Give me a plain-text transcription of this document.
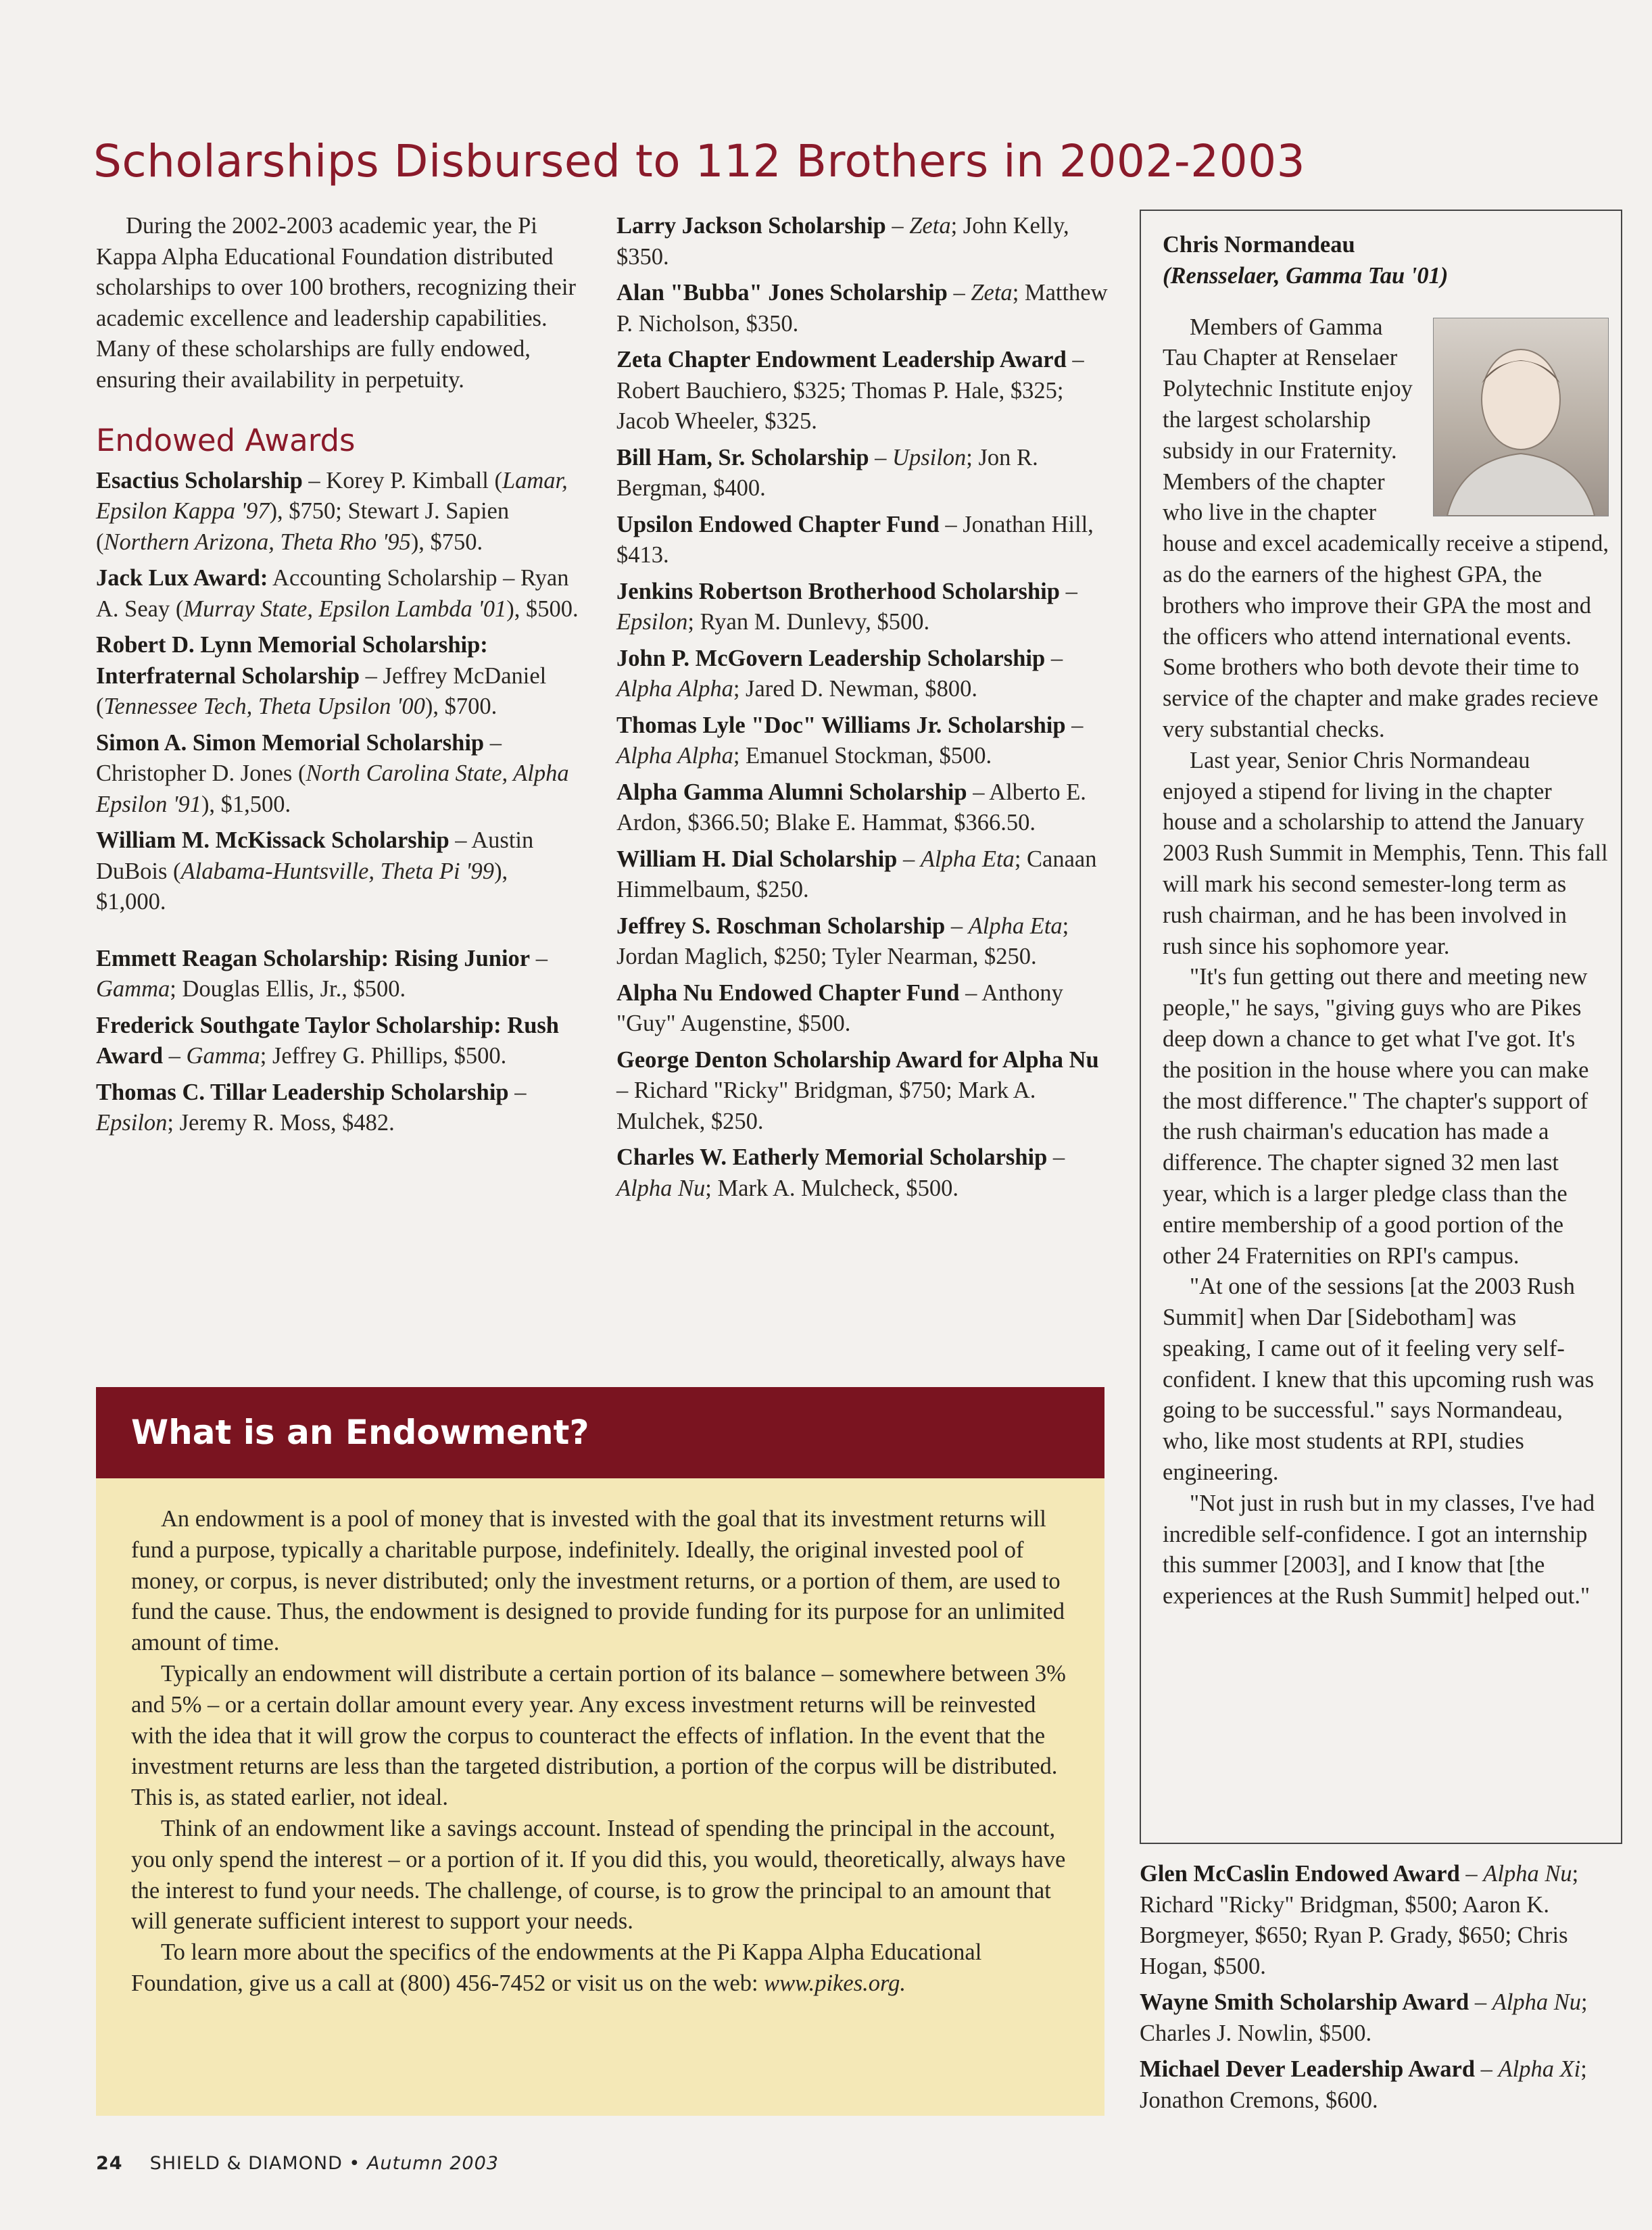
Scholarships Disbursed to 112 Brothers in 2002-2003

During the 2002-2003 academic year, the Pi Kappa Alpha Educational Foundation distributed scholarships to over 100 brothers, recognizing their academic excellence and leadership capabilities. Many of these scholarships are fully endowed, ensuring their availability in perpetuity.

Endowed Awards

Esactius Scholarship – Korey P. Kimball (Lamar, Epsilon Kappa '97), $750; Stewart J. Sapien (Northern Arizona, Theta Rho '95), $750.

Jack Lux Award: Accounting Scholarship – Ryan A. Seay (Murray State, Epsilon Lambda '01), $500.

Robert D. Lynn Memorial Scholarship: Interfraternal Scholarship – Jeffrey McDaniel (Tennessee Tech, Theta Upsilon '00), $700.

Simon A. Simon Memorial Scholarship – Christopher D. Jones (North Carolina State, Alpha Epsilon '91), $1,500.

William M. McKissack Scholarship – Austin DuBois (Alabama-Huntsville, Theta Pi '99), $1,000.

Emmett Reagan Scholarship: Rising Junior – Gamma; Douglas Ellis, Jr., $500.

Frederick Southgate Taylor Scholarship: Rush Award – Gamma; Jeffrey G. Phillips, $500.

Thomas C. Tillar Leadership Scholarship – Epsilon; Jeremy R. Moss, $482.

Larry Jackson Scholarship – Zeta; John Kelly, $350.

Alan "Bubba" Jones Scholarship – Zeta; Matthew P. Nicholson, $350.

Zeta Chapter Endowment Leadership Award – Robert Bauchiero, $325; Thomas P. Hale, $325; Jacob Wheeler, $325.

Bill Ham, Sr. Scholarship – Upsilon; Jon R. Bergman, $400.

Upsilon Endowed Chapter Fund – Jonathan Hill, $413.

Jenkins Robertson Brotherhood Scholarship – Epsilon; Ryan M. Dunlevy, $500.

John P. McGovern Leadership Scholarship – Alpha Alpha; Jared D. Newman, $800.

Thomas Lyle "Doc" Williams Jr. Scholarship – Alpha Alpha; Emanuel Stockman, $500.

Alpha Gamma Alumni Scholarship – Alberto E. Ardon, $366.50; Blake E. Hammat, $366.50.

William H. Dial Scholarship – Alpha Eta; Canaan Himmelbaum, $250.

Jeffrey S. Roschman Scholarship – Alpha Eta; Jordan Maglich, $250; Tyler Nearman, $250.

Alpha Nu Endowed Chapter Fund – Anthony "Guy" Augenstine, $500.

George Denton Scholarship Award for Alpha Nu – Richard "Ricky" Bridgman, $750; Mark A. Mulchek, $250.

Charles W. Eatherly Memorial Scholarship – Alpha Nu; Mark A. Mulcheck, $500.

Chris Normandeau

(Rensselaer, Gamma Tau '01)

Members of Gamma Tau Chapter at Renselaer Polytechnic Institute enjoy the largest scholarship subsidy in our Fraternity. Members of the chapter who live in the chapter house and excel academically receive a stipend, as do the earners of the highest GPA, the brothers who improve their GPA the most and the officers who attend international events. Some brothers who both devote their time to service of the chapter and make grades recieve very substantial checks.

Last year, Senior Chris Normandeau enjoyed a stipend for living in the chapter house and a scholarship to attend the January 2003 Rush Summit in Memphis, Tenn. This fall will mark his second semester-long term as rush chairman, and he has been involved in rush since his sophomore year.

"It's fun getting out there and meeting new people," he says, "giving guys who are Pikes deep down a chance to get what I've got. It's the position in the house where you can make the most difference." The chapter's support of the rush chairman's education has made a difference. The chapter signed 32 men last year, which is a larger pledge class than the entire membership of a good portion of the other 24 Fraternities on RPI's campus.

"At one of the sessions [at the 2003 Rush Summit] when Dar [Sidebotham] was speaking, I came out of it feeling very self-confident. I knew that this upcoming rush was going to be successful." says Normandeau, who, like most students at RPI, studies engineering.

"Not just in rush but in my classes, I've had incredible self-confidence. I got an internship this summer [2003], and I know that [the experiences at the Rush Summit] helped out."

Glen McCaslin Endowed Award – Alpha Nu; Richard "Ricky" Bridgman, $500; Aaron K. Borgmeyer, $650; Ryan P. Grady, $650; Chris Hogan, $500.

Wayne Smith Scholarship Award – Alpha Nu; Charles J. Nowlin, $500.

Michael Dever Leadership Award – Alpha Xi; Jonathon Cremons, $600.

What is an Endowment?

An endowment is a pool of money that is invested with the goal that its investment returns will fund a purpose, typically a charitable purpose, indefinitely. Ideally, the original invested pool of money, or corpus, is never distributed; only the investment returns, or a portion of them, are used to fund the cause. Thus, the endowment is designed to provide funding for its purpose for an unlimited amount of time.

Typically an endowment will distribute a certain portion of its balance – somewhere between 3% and 5% – or a certain dollar amount every year. Any excess investment returns will be reinvested with the idea that it will grow the corpus to counteract the effects of inflation. In the event that the investment returns are less than the targeted distribution, a portion of the corpus will be distributed. This is, as stated earlier, not ideal.

Think of an endowment like a savings account. Instead of spending the principal in the account, you only spend the interest – or a portion of it. If you did this, you would, theoretically, always have the interest to fund your needs. The challenge, of course, is to grow the principal to an amount that will generate sufficient interest to support your needs.

To learn more about the specifics of the endowments at the Pi Kappa Alpha Educational Foundation, give us a call at (800) 456-7452 or visit us on the web: www.pikes.org.

24 SHIELD & DIAMOND • Autumn 2003
